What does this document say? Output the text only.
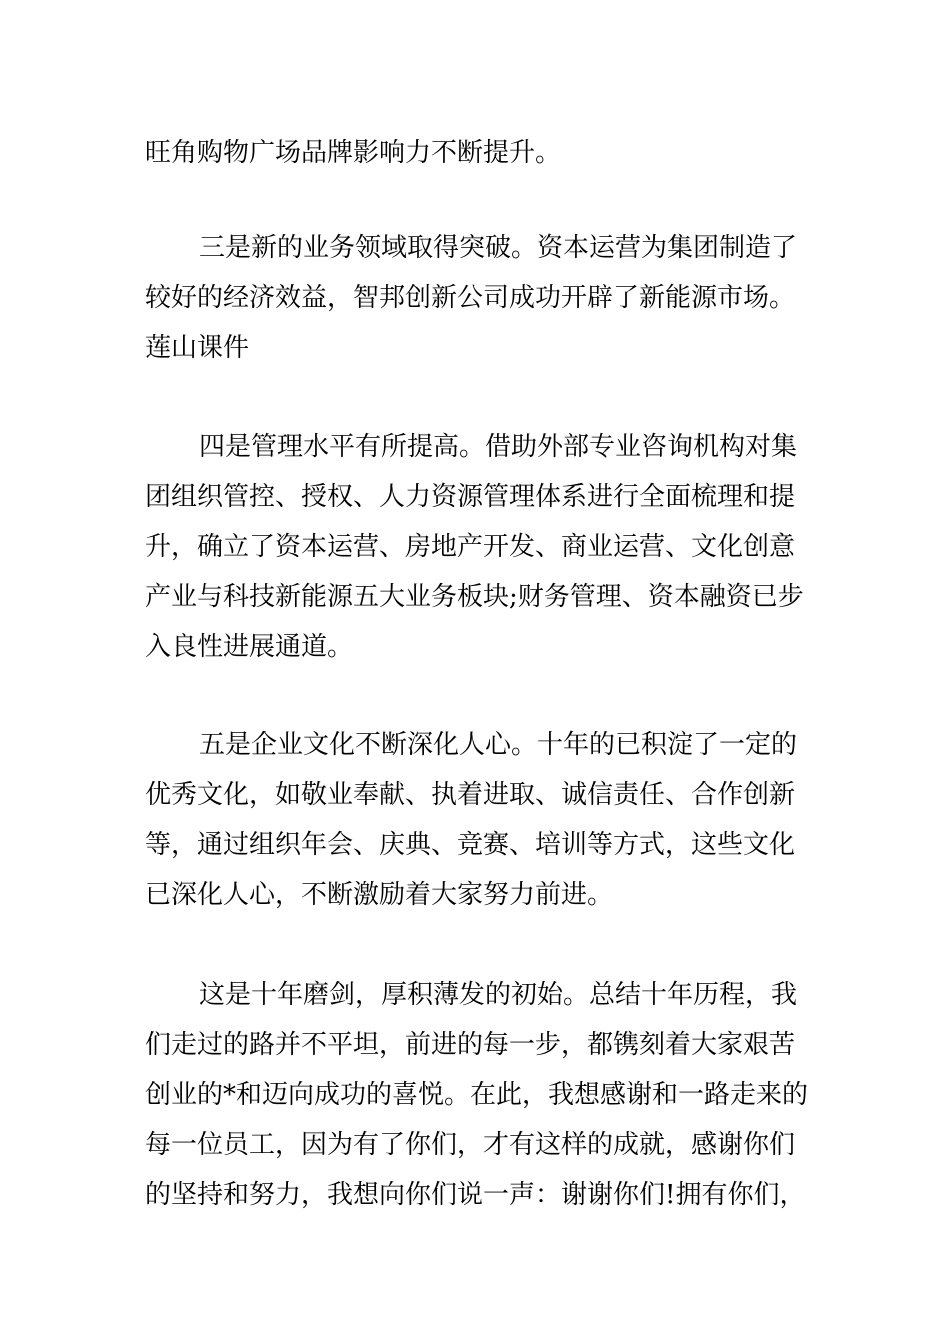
旺角购物广场品牌影响力不断提升。
三是新的业务领域取得突破。资本运营为集团制造了
较好的经济效益，智邦创新公司成功开辟了新能源市场。
莲山课件
四是管理水平有所提高。借助外部专业咨询机构对集
团组织管控、授权、人力资源管理体系进行全面梳理和提
升，确立了资本运营、房地产开发、商业运营、文化创意
产业与科技新能源五大业务板块;财务管理、资本融资已步
入良性进展通道。
五是企业文化不断深化人心。十年的已积淀了一定的
优秀文化，如敬业奉献、执着进取、诚信责任、合作创新
等，通过组织年会、庆典、竞赛、培训等方式，这些文化
已深化人心，不断激励着大家努力前进。
这是十年磨剑，厚积薄发的初始。总结十年历程，我
们走过的路并不平坦，前进的每一步，都镌刻着大家艰苦
创业的*和迈向成功的喜悦。在此，我想感谢和一路走来的
每一位员工，因为有了你们，才有这样的成就，感谢你们
的坚持和努力，我想向你们说一声：谢谢你们!拥有你们，
